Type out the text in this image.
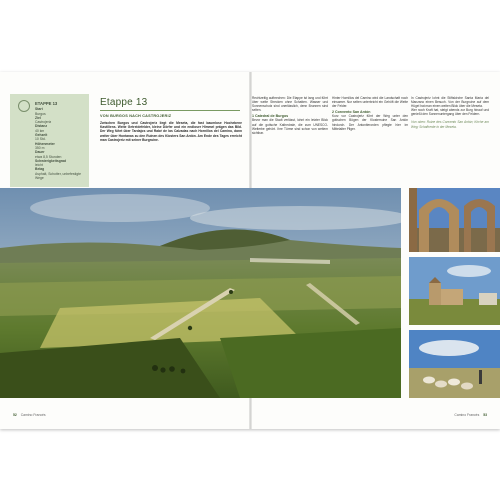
ETAPPE 13
Start
Burgos
Ziel
Castrojeriz
Distanz
40 km
Gehzeit
10 Std.
Höhenmeter
350 m
Dauer
etwa 8,5 Stunden
Schwierigkeitsgrad
leicht
Belag
Asphalt, Schotter, unbefestigte Wege
Etappe 13
VON BURGOS NACH CASTROJERIZ
Zwischen Burgos und Castrojeriz liegt die Meseta, die fast baumlose Hochebene Kastiliens. Weite Getreidefelder, kleine Dörfer und ein endloser Himmel prägen das Bild. Der Weg führt über Tardajos und Rabé de las Calzadas nach Hornillos del Camino, dann weiter über Hontanas zu den Ruinen des Klosters San Antón. Am Ende des Tages erreicht man Castrojeriz mit seiner Burgruine.
Rechtzeitig aufbrechen: Die Etappe ist lang und führt über weite Strecken ohne Schatten. Wasser und Sonnenschutz sind unerlässlich, denn Brunnen sind selten.
1 Catedral de Burgos
Bevor man die Stadt verlässt, lohnt ein letzter Blick auf die gotische Kathedrale, die zum UNESCO-Welterbe gehört. Ihre Türme sind schon von weitem sichtbar.
Hinter Hornillos del Camino wird die Landschaft noch einsamer. Nur selten unterbricht ein Gehöft die Weite der Felder.
2 Convento San Antón
Kurz vor Castrojeriz führt der Weg unter den gotischen Bögen der Klosterruine San Antón hindurch. Der Antoniterorden pflegte hier im Mittelalter Pilger.
In Castrojeriz lohnt die Stiftskirche Santa María del Manzano einen Besuch. Von der Burgruine auf dem Hügel hat man einen weiten Blick über die Meseta.
Wer noch Kraft hat, steigt abends zur Burg hinauf und genießt den Sonnenuntergang über den Feldern.
Von oben: Ruine des Convento San Antón; Kirche am Weg; Schafherde in der Meseta.
52 Camino Francés	Camino Francés 53
